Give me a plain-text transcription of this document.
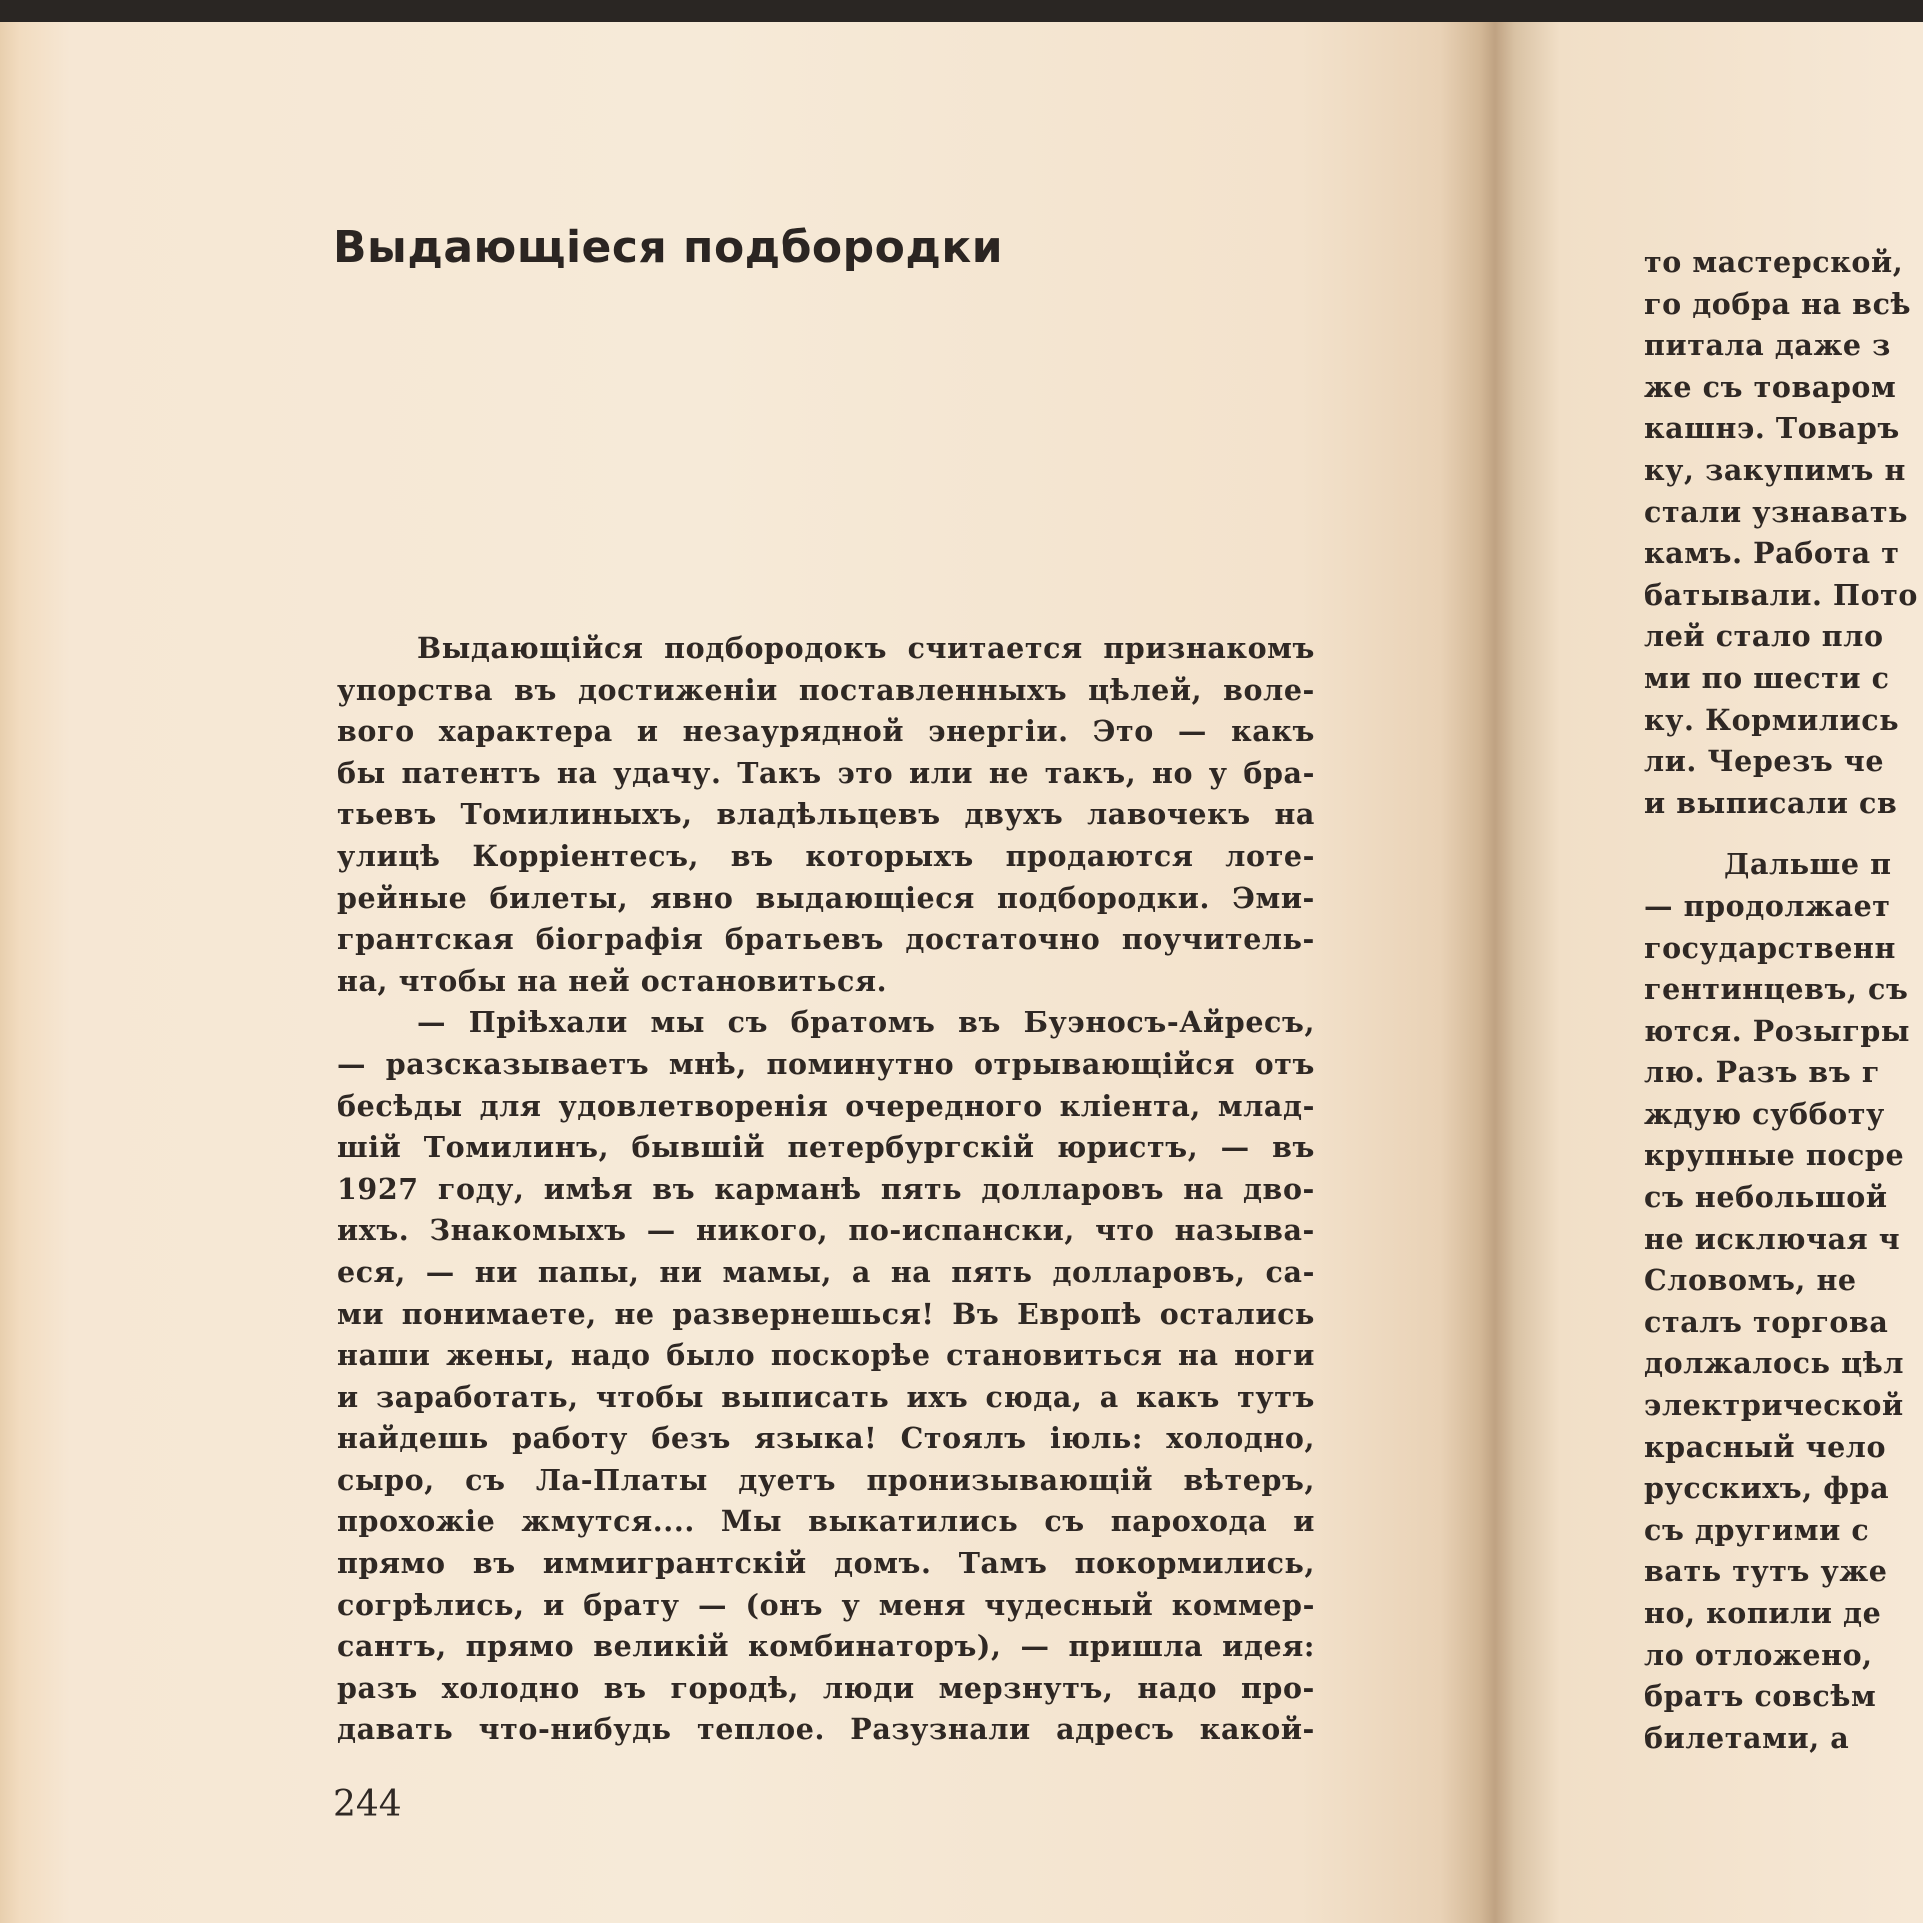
Выдающіеся подбородки
Выдающійся подбородокъ считается признакомъ
упорства въ достиженіи поставленныхъ цѣлей, воле-
вого характера и незаурядной энергіи. Это — какъ
бы патентъ на удачу. Такъ это или не такъ, но у бра-
тьевъ Томилиныхъ, владѣльцевъ двухъ лавочекъ на
улицѣ Корріентесъ, въ которыхъ продаются лоте-
рейные билеты, явно выдающіеся подбородки. Эми-
грантская біографія братьевъ достаточно поучитель-
на, чтобы на ней остановиться.
— Пріѣхали мы съ братомъ въ Буэносъ-Айресъ,
— разсказываетъ мнѣ, поминутно отрывающійся отъ
бесѣды для удовлетворенія очередного кліента, млад-
шій Томилинъ, бывшій петербургскій юристъ, — въ
1927 году, имѣя въ карманѣ пять долларовъ на дво-
ихъ. Знакомыхъ — никого, по-испански, что называ-
еся, — ни папы, ни мамы, а на пять долларовъ, са-
ми понимаете, не развернешься! Въ Европѣ остались
наши жены, надо было поскорѣе становиться на ноги
и заработать, чтобы выписать ихъ сюда, а какъ тутъ
найдешь работу безъ языка! Стоялъ іюль: холодно,
сыро, съ Ла-Платы дуетъ пронизывающій вѣтеръ,
прохожіе жмутся.... Мы выкатились съ парохода и
прямо въ иммигрантскій домъ. Тамъ покормились,
согрѣлись, и брату — (онъ у меня чудесный коммер-
сантъ, прямо великій комбинаторъ), — пришла идея:
разъ холодно въ городѣ, люди мерзнутъ, надо про-
давать что-нибудь теплое. Разузнали адресъ какой-
244
то мастерской,
го добра на всѣ
питала даже з
же съ товаром
кашнэ. Товаръ
ку, закупимъ н
стали узнавать
камъ. Работа т
батывали. Пото
лей стало пло
ми по шести с
ку. Кормились
ли. Черезъ че
и выписали св
Дальше п
— продолжает
государственн
гентинцевъ, съ
ются. Розыгры
лю. Разъ въ г
ждую субботу
крупные посре
съ небольшой
не исключая ч
Словомъ, не
сталъ торгова
должалось цѣл
электрической
красный чело
русскихъ, фра
съ другими с
вать тутъ уже
но, копили де
ло отложено,
братъ совсѣм
билетами, а
